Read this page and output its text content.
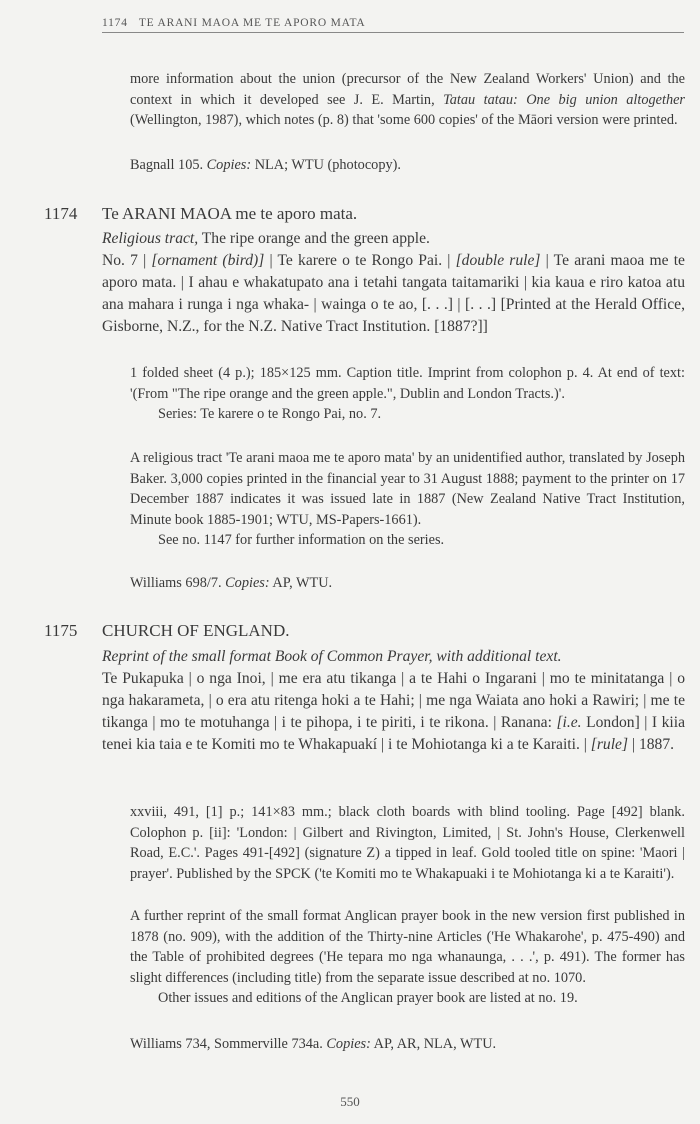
1174 TE ARANI MAOA ME TE APORO MATA

more information about the union (precursor of the New Zealand Workers' Union) and the context in which it developed see J. E. Martin, Tatau tatau: One big union altogether (Wellington, 1987), which notes (p. 8) that 'some 600 copies' of the Māori version were printed.

Bagnall 105. Copies: NLA; WTU (photocopy).

1174 Te ARANI MAOA me te aporo mata.

Religious tract, The ripe orange and the green apple.

No. 7 | [ornament (bird)] | Te karere o te Rongo Pai. | [double rule] | Te arani maoa me te aporo mata. | I ahau e whakatupato ana i tetahi tangata taitamariki | kia kaua e riro katoa atu ana mahara i runga i nga whaka- | wainga o te ao, [. . .] | [. . .] [Printed at the Herald Office, Gisborne, N.Z., for the N.Z. Native Tract Institution. [1887?]]

1 folded sheet (4 p.); 185×125 mm. Caption title. Imprint from colophon p. 4. At end of text: '(From "The ripe orange and the green apple.", Dublin and London Tracts.)'.

Series: Te karere o te Rongo Pai, no. 7.

A religious tract 'Te arani maoa me te aporo mata' by an unidentified author, translated by Joseph Baker. 3,000 copies printed in the financial year to 31 August 1888; payment to the printer on 17 December 1887 indicates it was issued late in 1887 (New Zealand Native Tract Institution, Minute book 1885-1901; WTU, MS-Papers-1661).

See no. 1147 for further information on the series.

Williams 698/7. Copies: AP, WTU.

1175 CHURCH OF ENGLAND.

Reprint of the small format Book of Common Prayer, with additional text.

Te Pukapuka | o nga Inoi, | me era atu tikanga | a te Hahi o Ingarani | mo te minitatanga | o nga hakarameta, | o era atu ritenga hoki a te Hahi; | me nga Waiata ano hoki a Rawiri; | me te tikanga | mo te motuhanga | i te pihopa, i te piriti, i te rikona. | Ranana: [i.e. London] | I kiia tenei kia taia e te Komiti mo te Whakapuakí | i te Mohiotanga ki a te Karaiti. | [rule] | 1887.

xxviii, 491, [1] p.; 141×83 mm.; black cloth boards with blind tooling. Page [492] blank. Colophon p. [ii]: 'London: | Gilbert and Rivington, Limited, | St. John's House, Clerkenwell Road, E.C.'. Pages 491-[492] (signature Z) a tipped in leaf. Gold tooled title on spine: 'Maori | prayer'. Published by the SPCK ('te Komiti mo te Whakapuaki i te Mohiotanga ki a te Karaiti').

A further reprint of the small format Anglican prayer book in the new version first published in 1878 (no. 909), with the addition of the Thirty-nine Articles ('He Whakarohe', p. 475-490) and the Table of prohibited degrees ('He tepara mo nga whanaunga, . . .', p. 491). The former has slight differences (including title) from the separate issue described at no. 1070.

Other issues and editions of the Anglican prayer book are listed at no. 19.

Williams 734, Sommerville 734a. Copies: AP, AR, NLA, WTU.

550
